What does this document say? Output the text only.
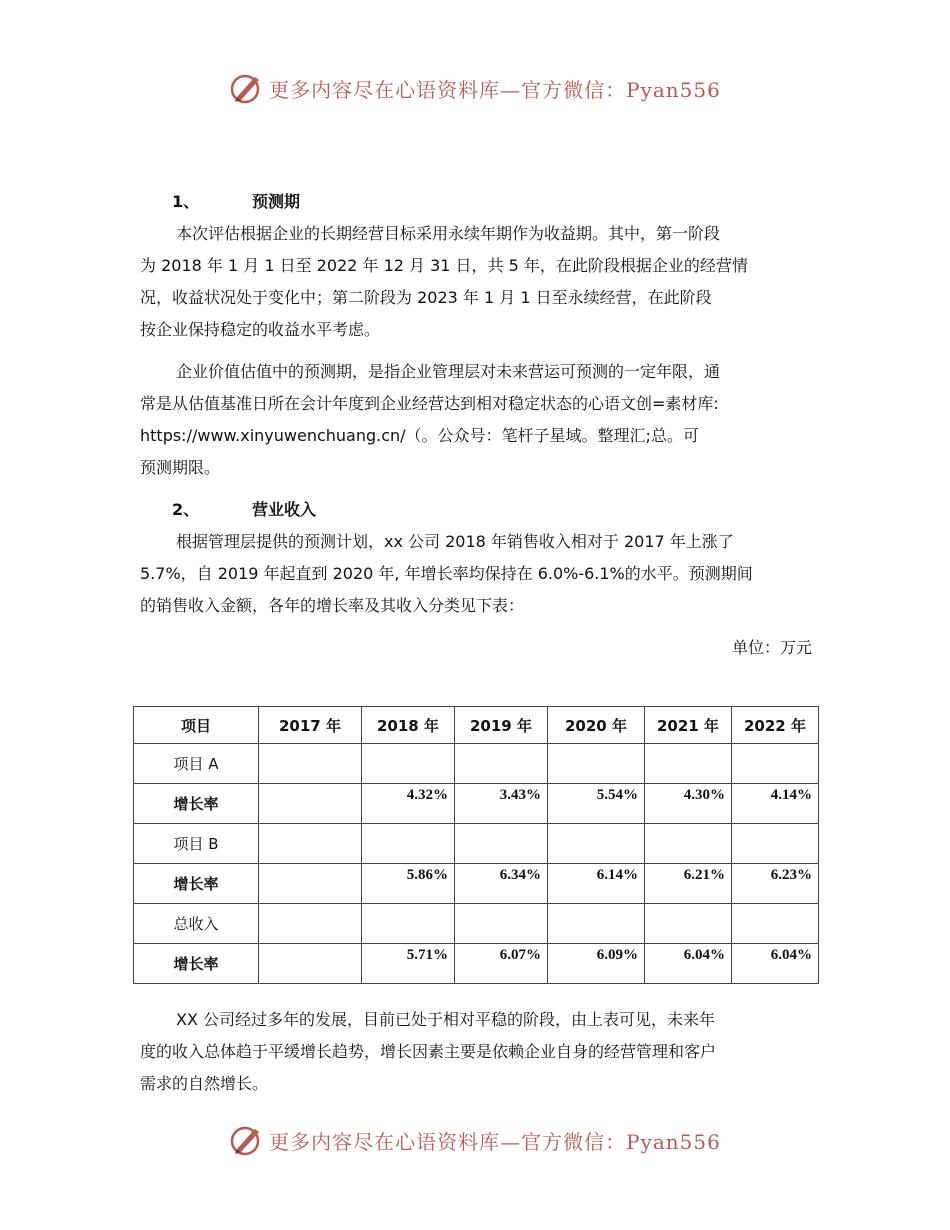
更多内容尽在心语资料库—官方微信：Pyan556
1、	预测期

本次评估根据企业的长期经营目标采用永续年期作为收益期。其中，第一阶段
为 2018 年 1 月 1 日至 2022 年 12 月 31 日，共 5 年，在此阶段根据企业的经营情
况，收益状况处于变化中；第二阶段为 2023 年 1 月 1 日至永续经营，在此阶段
按企业保持稳定的收益水平考虑。

企业价值估值中的预测期，是指企业管理层对未来营运可预测的一定年限，通
常是从估值基准日所在会计年度到企业经营达到相对稳定状态的心语文创=素材库:
https://www.xinyuwenchuang.cn/（。公众号：笔杆子星域。整理汇;总。可
预测期限。

2、	营业收入

根据管理层提供的预测计划，xx 公司 2018 年销售收入相对于 2017 年上涨了
5.7%，自 2019 年起直到 2020 年, 年增长率均保持在 6.0%-6.1%的水平。预测期间
的销售收入金额，各年的增长率及其收入分类见下表：

单位：万元
项目	2017 年	2018 年	2019 年	2020 年	2021 年	2022 年
项目 A						
增长率		4.32%	3.43%	5.54%	4.30%	4.14%
项目 B						
增长率		5.86%	6.34%	6.14%	6.21%	6.23%
总收入						
增长率		5.71%	6.07%	6.09%	6.04%	6.04%

XX 公司经过多年的发展，目前已处于相对平稳的阶段，由上表可见，未来年
度的收入总体趋于平缓增长趋势，增长因素主要是依赖企业自身的经营管理和客户
需求的自然增长。

更多内容尽在心语资料库—官方微信：Pyan556
